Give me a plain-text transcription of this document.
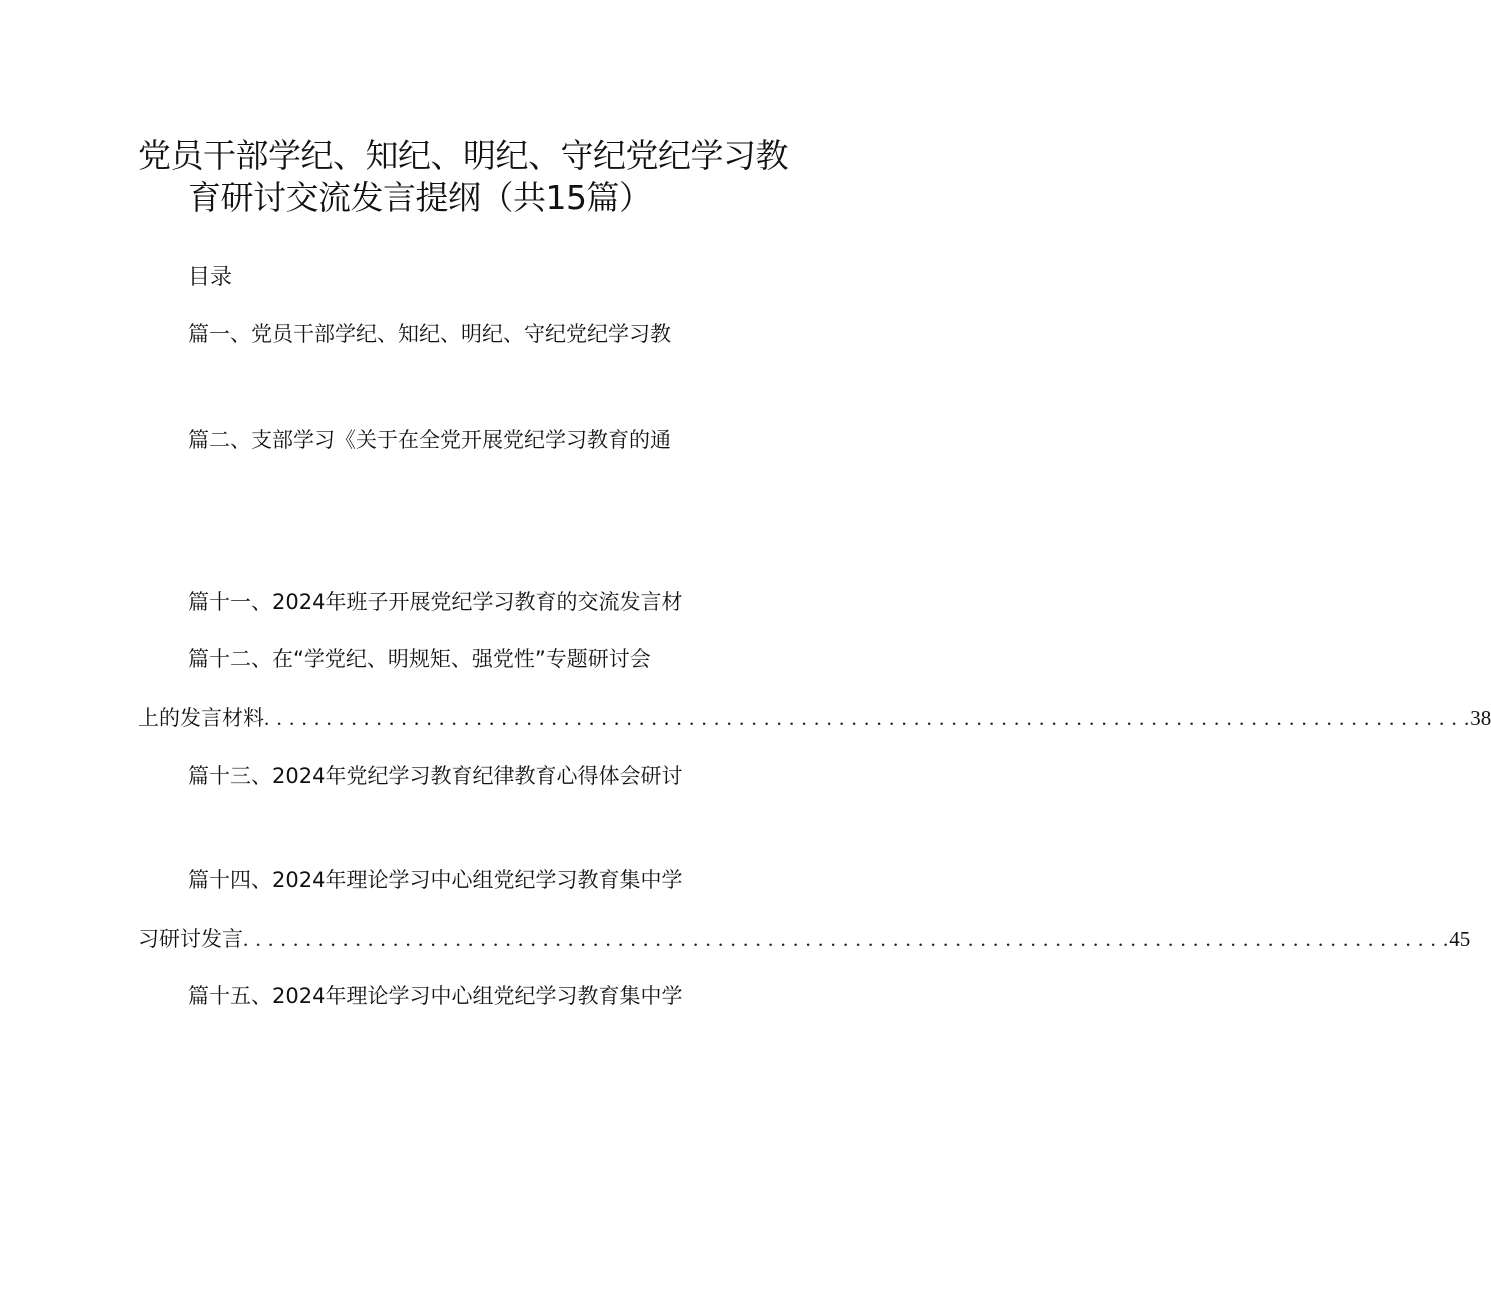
党员干部学纪、知纪、明纪、守纪党纪学习教
育研讨交流发言提纲（共15篇）
目录
篇一、党员干部学纪、知纪、明纪、守纪党纪学习教
篇二、支部学习《关于在全党开展党纪学习教育的通
篇十一、2024年班子开展党纪学习教育的交流发言材
篇十二、在“学党纪、明规矩、强党性”专题研讨会
上的发言材料 . . . . . . . . . . . . . . . . . . . . . . . . . . . . . . . . . . . . . . . . . . . . . . . . . . . . . . . . . . . . . . . . . . . . . . . . . . . . . . . . . . . . . . . . . . . . . . . . . 38
篇十三、2024年党纪学习教育纪律教育心得体会研讨
篇十四、2024年理论学习中心组党纪学习教育集中学
习研讨发言 . . . . . . . . . . . . . . . . . . . . . . . . . . . . . . . . . . . . . . . . . . . . . . . . . . . . . . . . . . . . . . . . . . . . . . . . . . . . . . . . . . . . . . . . . . . . . . . . . 45
篇十五、2024年理论学习中心组党纪学习教育集中学
